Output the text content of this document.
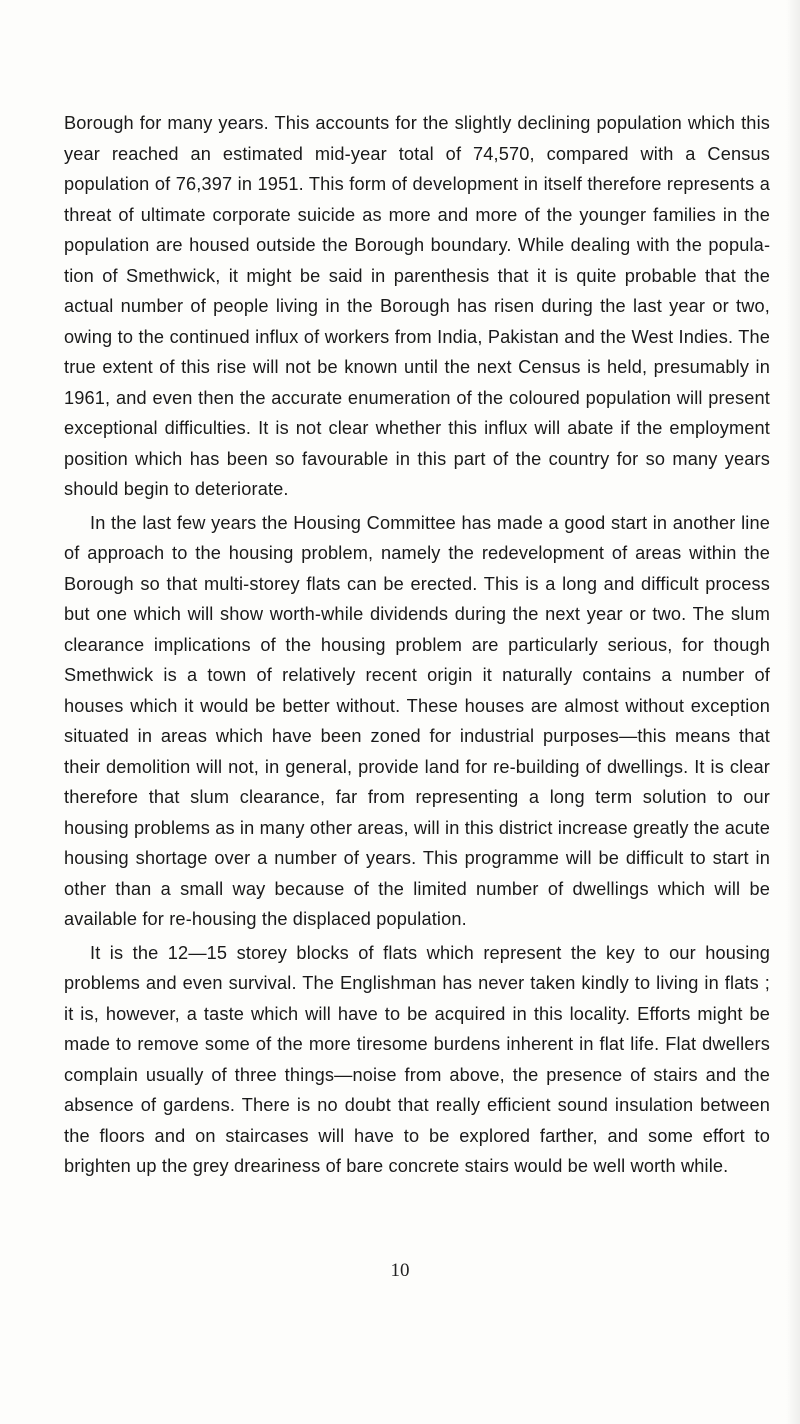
Borough for many years. This accounts for the slightly declining population which this year reached an estimated mid-year total of 74,570, compared with a Census population of 76,397 in 1951. This form of development in itself therefore represents a threat of ultimate corporate suicide as more and more of the younger families in the population are housed outside the Borough boundary. While dealing with the population of Smethwick, it might be said in parenthesis that it is quite probable that the actual number of people living in the Borough has risen during the last year or two, owing to the continued influx of workers from India, Pakistan and the West Indies. The true extent of this rise will not be known until the next Census is held, presumably in 1961, and even then the accurate enumeration of the coloured population will present exceptional difficulties. It is not clear whether this influx will abate if the employment position which has been so favourable in this part of the country for so many years should begin to deteriorate.

In the last few years the Housing Committee has made a good start in another line of approach to the housing problem, namely the redevelopment of areas within the Borough so that multi-storey flats can be erected. This is a long and difficult process but one which will show worth-while dividends during the next year or two. The slum clearance implications of the housing problem are particularly serious, for though Smethwick is a town of relatively recent origin it naturally contains a number of houses which it would be better without. These houses are almost without exception situated in areas which have been zoned for industrial purposes—this means that their demolition will not, in general, provide land for re-building of dwellings. It is clear therefore that slum clearance, far from representing a long term solution to our housing problems as in many other areas, will in this district increase greatly the acute housing shortage over a number of years. This programme will be difficult to start in other than a small way because of the limited number of dwellings which will be available for re-housing the displaced population.

It is the 12—15 storey blocks of flats which represent the key to our housing problems and even survival. The Englishman has never taken kindly to living in flats ; it is, however, a taste which will have to be acquired in this locality. Efforts might be made to remove some of the more tiresome burdens inherent in flat life. Flat dwellers complain usually of three things—noise from above, the presence of stairs and the absence of gardens. There is no doubt that really efficient sound insulation between the floors and on staircases will have to be explored farther, and some effort to brighten up the grey dreariness of bare concrete stairs would be well worth while.

10
